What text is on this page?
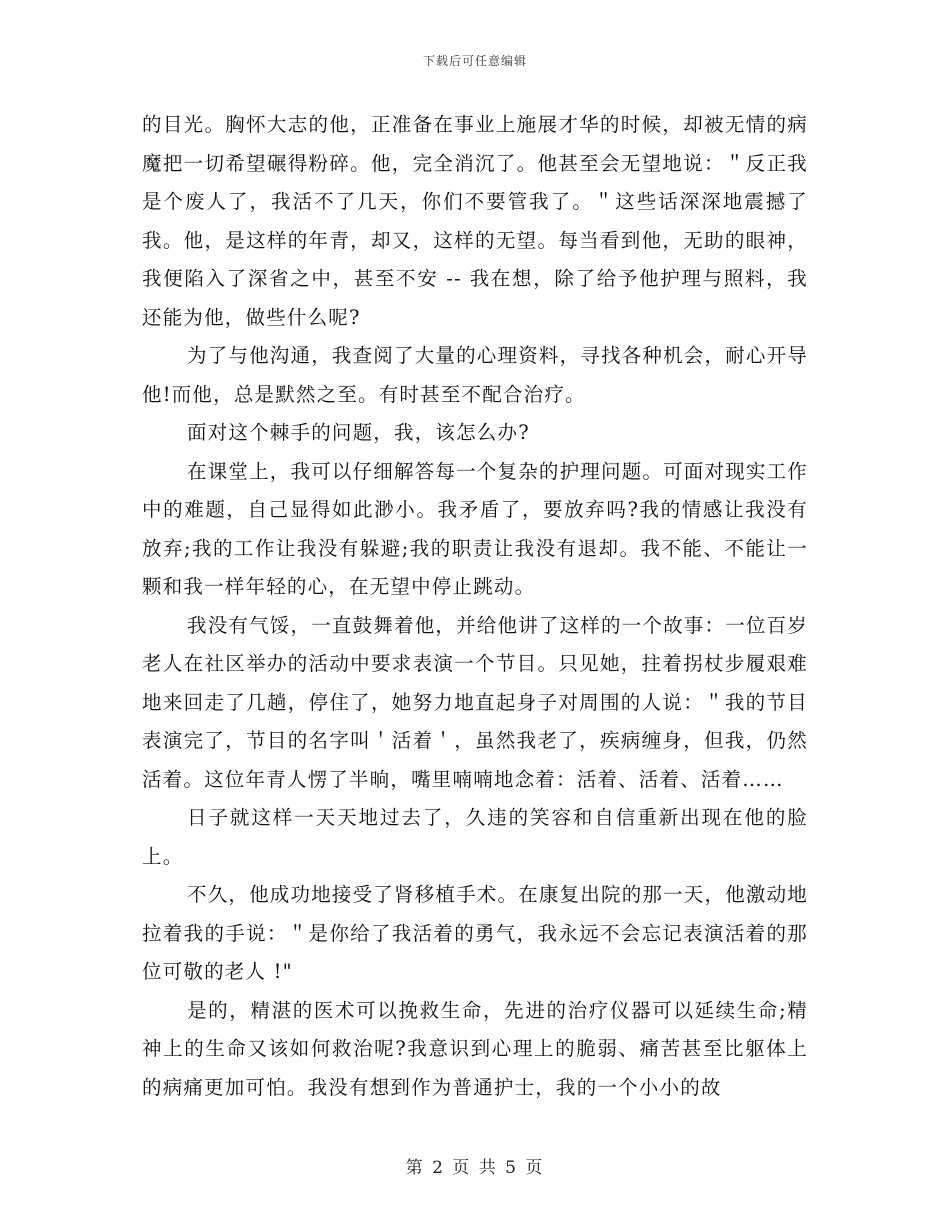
下载后可任意编辑

的目光。胸怀大志的他，正准备在事业上施展才华的时候，却被无情的病魔把一切希望碾得粉碎。他，完全消沉了。他甚至会无望地说：＂反正我是个废人了，我活不了几天，你们不要管我了。＂这些话深深地震撼了我。他，是这样的年青，却又，这样的无望。每当看到他，无助的眼神，我便陷入了深省之中，甚至不安 -- 我在想，除了给予他护理与照料，我还能为他，做些什么呢?

为了与他沟通，我查阅了大量的心理资料，寻找各种机会，耐心开导他!而他，总是默然之至。有时甚至不配合治疗。

面对这个棘手的问题，我，该怎么办?

在课堂上，我可以仔细解答每一个复杂的护理问题。可面对现实工作中的难题，自己显得如此渺小。我矛盾了，要放弃吗?我的情感让我没有放弃;我的工作让我没有躲避;我的职责让我没有退却。我不能、不能让一颗和我一样年轻的心，在无望中停止跳动。

我没有气馁，一直鼓舞着他，并给他讲了这样的一个故事：一位百岁老人在社区举办的活动中要求表演一个节目。只见她，拄着拐杖步履艰难地来回走了几趟，停住了，她努力地直起身子对周围的人说：＂我的节目表演完了，节目的名字叫＇活着＇，虽然我老了，疾病缠身，但我，仍然活着。这位年青人愣了半晌，嘴里喃喃地念着：活着、活着、活着……

日子就这样一天天地过去了，久违的笑容和自信重新出现在他的脸上。

不久，他成功地接受了肾移植手术。在康复出院的那一天，他激动地拉着我的手说：＂是你给了我活着的勇气，我永远不会忘记表演活着的那位可敬的老人 !"

是的，精湛的医术可以挽救生命，先进的治疗仪器可以延续生命;精神上的生命又该如何救治呢?我意识到心理上的脆弱、痛苦甚至比躯体上的病痛更加可怕。我没有想到作为普通护士，我的一个小小的故

第 2 页 共 5 页
